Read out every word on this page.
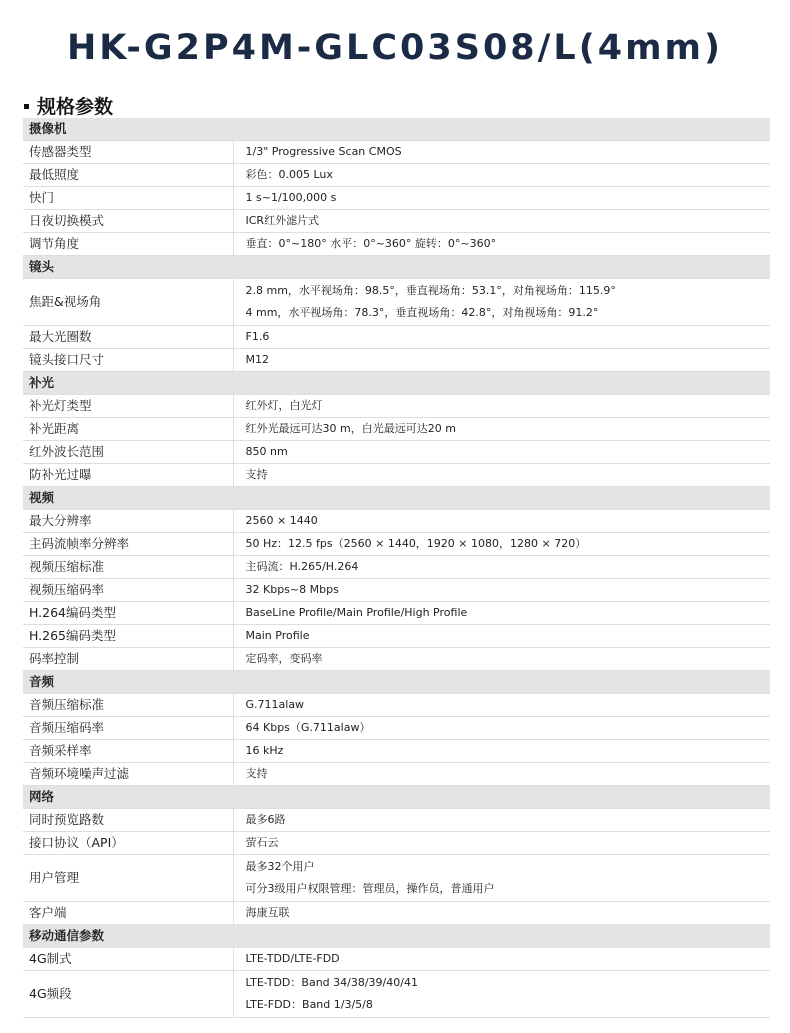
HK-G2P4M-GLC03S08/L(4mm)
规格参数
摄像机	
传感器类型	1/3" Progressive Scan CMOS

最低照度	彩色：0.005 Lux

快门	1 s~1/100,000 s

日夜切换模式	ICR红外滤片式

调节角度	垂直：0°~180° 水平：0°~360° 旋转：0°~360°

镜头	
焦距&视场角	2.8 mm，水平视场角：98.5°，垂直视场角：53.1°，对角视场角：115.9°
4 mm，水平视场角：78.3°，垂直视场角：42.8°，对角视场角：91.2°

最大光圈数	F1.6

镜头接口尺寸	M12

补光	
补光灯类型	红外灯，白光灯

补光距离	红外光最远可达30 m，白光最远可达20 m

红外波长范围	850 nm

防补光过曝	支持

视频	
最大分辨率	2560 × 1440

主码流帧率分辨率	50 Hz：12.5 fps（2560 × 1440，1920 × 1080，1280 × 720）

视频压缩标准	主码流：H.265/H.264

视频压缩码率	32 Kbps~8 Mbps

H.264编码类型	BaseLine Profile/Main Profile/High Profile

H.265编码类型	Main Profile

码率控制	定码率，变码率

音频	
音频压缩标准	G.711alaw

音频压缩码率	64 Kbps（G.711alaw）

音频采样率	16 kHz

音频环境噪声过滤	支持

网络	
同时预览路数	最多6路

接口协议（API）	萤石云

用户管理	最多32个用户
可分3级用户权限管理：管理员，操作员，普通用户

客户端	海康互联

移动通信参数	
4G制式	LTE-TDD/LTE-FDD

4G频段	LTE-TDD：Band 34/38/39/40/41
LTE-FDD：Band 1/3/5/8
